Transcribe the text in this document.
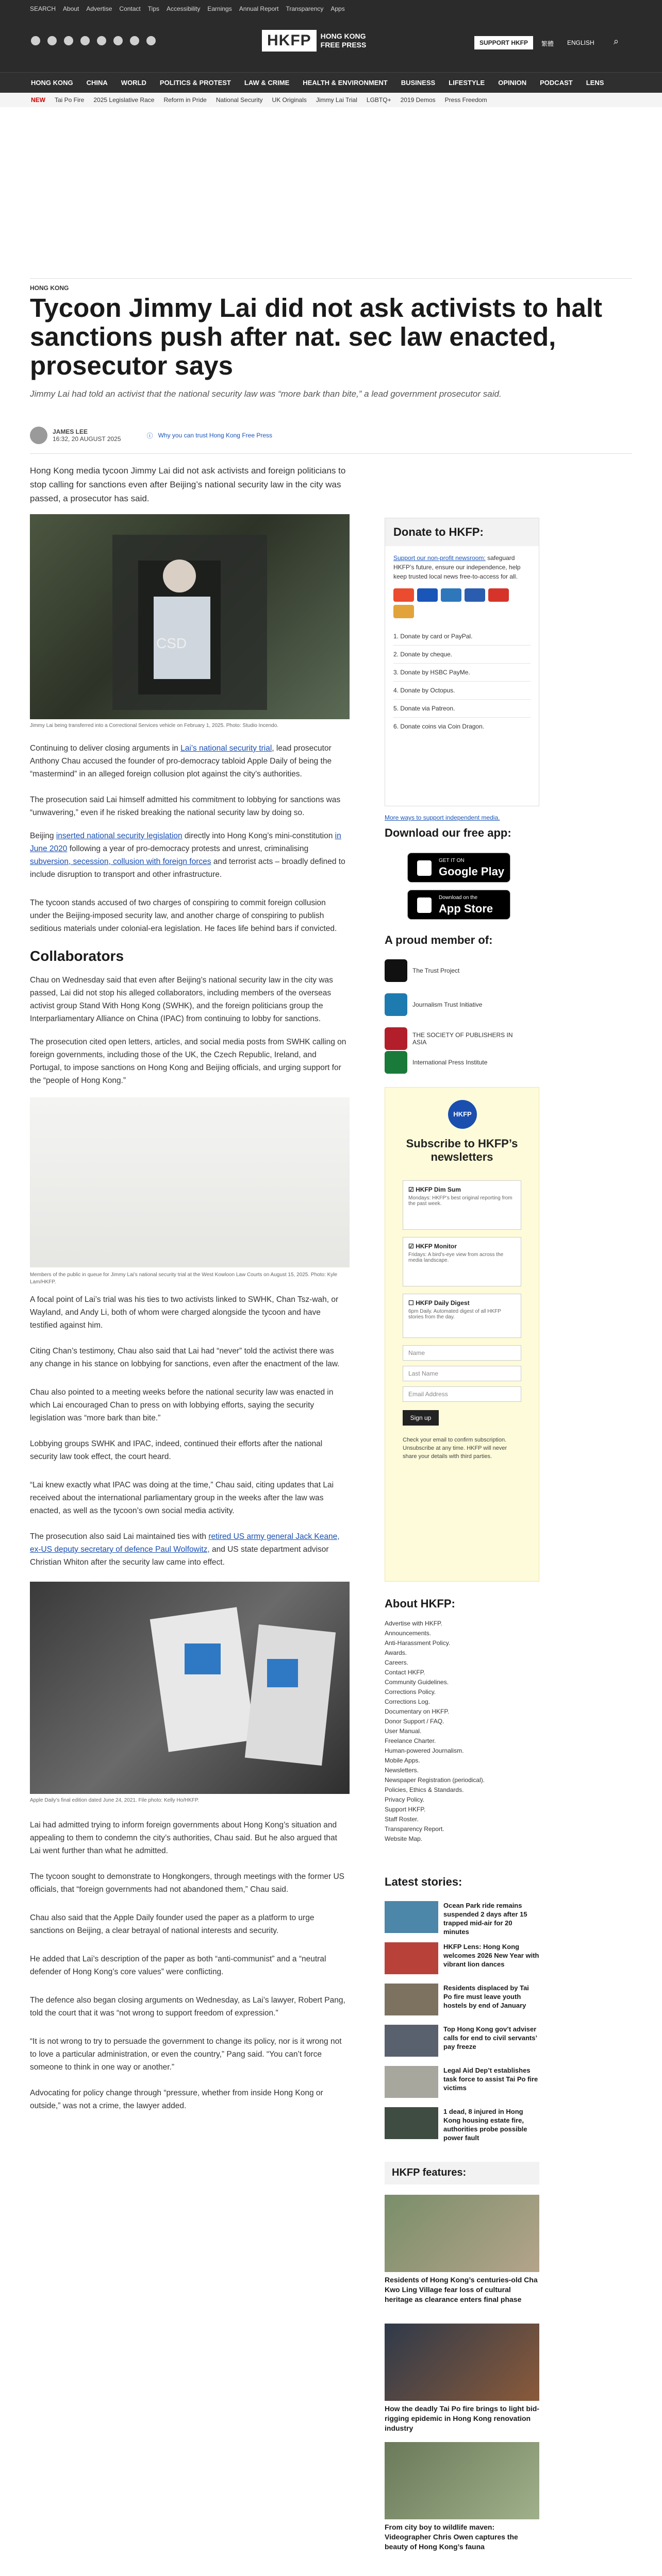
SEARCH About Advertise Contact Tips Accessibility Earnings Annual Report Transparency Apps
HKFP	HONG KONG FREE PRESS	SUPPORT HKFP	繁體 ENGLISH ⌕
HONG KONG CHINA WORLD POLITICS & PROTEST LAW & CRIME HEALTH & ENVIRONMENT BUSINESS LIFESTYLE OPINION PODCAST LENS
NEW Tai Po Fire 2025 Legislative Race Reform in Pride National Security UK Originals Jimmy Lai Trial LGBTQ+ 2019 Demos Press Freedom
HONG KONG
Tycoon Jimmy Lai did not ask activists to halt sanctions push after nat. sec law enacted, prosecutor says

Jimmy Lai had told an activist that the national security law was “more bark than bite,” a lead government prosecutor said.

JAMES LEE
16:32, 20 AUGUST 2025	ⓘ Why you can trust Hong Kong Free Press

Hong Kong media tycoon Jimmy Lai did not ask activists and foreign politicians to stop calling for sanctions even after Beijing’s national security law in the city was passed, a prosecutor has said.

CSD

Jimmy Lai being transferred into a Correctional Services vehicle on February 1, 2025. Photo: Studio Incendo.

Continuing to deliver closing arguments in Lai’s national security trial, lead prosecutor Anthony Chau accused the founder of pro-democracy tabloid Apple Daily of being the “mastermind” in an alleged foreign collusion plot against the city’s authorities.

The prosecution said Lai himself admitted his commitment to lobbying for sanctions was “unwavering,” even if he risked breaking the national security law by doing so.

Beijing inserted national security legislation directly into Hong Kong’s mini-constitution in June 2020 following a year of pro-democracy protests and unrest, criminalising subversion, secession, collusion with foreign forces and terrorist acts – broadly defined to include disruption to transport and other infrastructure.

The tycoon stands accused of two charges of conspiring to commit foreign collusion under the Beijing-imposed security law, and another charge of conspiring to publish seditious materials under colonial-era legislation. He faces life behind bars if convicted.

Collaborators

Chau on Wednesday said that even after Beijing’s national security law in the city was passed, Lai did not stop his alleged collaborators, including members of the overseas activist group Stand With Hong Kong (SWHK), and the foreign politicians group the Interparliamentary Alliance on China (IPAC) from continuing to lobby for sanctions.

The prosecution cited open letters, articles, and social media posts from SWHK calling on foreign governments, including those of the UK, the Czech Republic, Ireland, and Portugal, to impose sanctions on Hong Kong and Beijing officials, and urging support for the “people of Hong Kong.”

Members of the public in queue for Jimmy Lai’s national security trial at the West Kowloon Law Courts on August 15, 2025. Photo: Kyle Lam/HKFP.

A focal point of Lai’s trial was his ties to two activists linked to SWHK, Chan Tsz-wah, or Wayland, and Andy Li, both of whom were charged alongside the tycoon and have testified against him.

Citing Chan’s testimony, Chau also said that Lai had “never” told the activist there was any change in his stance on lobbying for sanctions, even after the enactment of the law.

Chau also pointed to a meeting weeks before the national security law was enacted in which Lai encouraged Chan to press on with lobbying efforts, saying the security legislation was “more bark than bite.”

Lobbying groups SWHK and IPAC, indeed, continued their efforts after the national security law took effect, the court heard.

“Lai knew exactly what IPAC was doing at the time,” Chau said, citing updates that Lai received about the international parliamentary group in the weeks after the law was enacted, as well as the tycoon’s own social media activity.

The prosecution also said Lai maintained ties with retired US army general Jack Keane, ex-US deputy secretary of defence Paul Wolfowitz, and US state department advisor Christian Whiton after the security law came into effect.

Apple Daily’s final edition dated June 24, 2021. File photo: Kelly Ho/HKFP.

Lai had admitted trying to inform foreign governments about Hong Kong’s situation and appealing to them to condemn the city’s authorities, Chau said. But he also argued that Lai went further than what he admitted.

The tycoon sought to demonstrate to Hongkongers, through meetings with the former US officials, that “foreign governments had not abandoned them,” Chau said.

Chau also said that the Apple Daily founder used the paper as a platform to urge sanctions on Beijing, a clear betrayal of national interests and security.

He added that Lai’s description of the paper as both “anti-communist” and a “neutral defender of Hong Kong’s core values” were conflicting.

The defence also began closing arguments on Wednesday, as Lai’s lawyer, Robert Pang, told the court that it was “not wrong to support freedom of expression.”

“It is not wrong to try to persuade the government to change its policy, nor is it wrong not to love a particular administration, or even the country,” Pang said. “You can’t force someone to think in one way or another.”

Advocating for policy change through “pressure, whether from inside Hong Kong or outside,” was not a crime, the lawyer added.

Donate to HKFP:

Support our non-profit newsroom: safeguard HKFP’s future, ensure our independence, help keep trusted local news free-to-access for all.

1. Donate by card or PayPal.
2. Donate by cheque.
3. Donate by HSBC PayMe.
4. Donate by Octopus.
5. Donate via Patreon.
6. Donate coins via Coin Dragon.
More ways to support independent media.
Download our free app:
GET IT ON
Google Play
Download on the
App Store
A proud member of:
The Trust Project
Journalism Trust Initiative
THE SOCIETY OF PUBLISHERS IN ASIA
International Press Institute
HKFP
Subscribe to HKFP’s newsletters
☑ HKFP Dim Sum
Mondays: HKFP’s best original reporting from the past week.
☑ HKFP Monitor
Fridays: A bird's-eye view from across the media landscape.
☐ HKFP Daily Digest
6pm Daily. Automated digest of all HKFP stories from the day.
Name
Last Name
Email Address
Sign up

Check your email to confirm subscription. Unsubscribe at any time. HKFP will never share your details with third parties.

About HKFP:
Advertise with HKFP.
Announcements.
Anti-Harassment Policy.
Awards.
Careers.
Contact HKFP.
Community Guidelines.
Corrections Policy.
Corrections Log.
Documentary on HKFP.
Donor Support / FAQ.
User Manual.
Freelance Charter.
Human-powered Journalism.
Mobile Apps.
Newsletters.
Newspaper Registration (periodical).
Policies, Ethics & Standards.
Privacy Policy.
Support HKFP.
Staff Roster.
Transparency Report.
Website Map.
Latest stories:
Ocean Park ride remains suspended 2 days after 15 trapped mid-air for 20 minutes
HKFP Lens: Hong Kong welcomes 2026 New Year with vibrant lion dances
Residents displaced by Tai Po fire must leave youth hostels by end of January
Top Hong Kong gov’t adviser calls for end to civil servants’ pay freeze
Legal Aid Dep’t establishes task force to assist Tai Po fire victims
1 dead, 8 injured in Hong Kong housing estate fire, authorities probe possible power fault
HKFP features:
Residents of Hong Kong’s centuries-old Cha Kwo Ling Village fear loss of cultural heritage as clearance enters final phase
How the deadly Tai Po fire brings to light bid-rigging epidemic in Hong Kong renovation industry
From city boy to wildlife maven: Videographer Chris Owen captures the beauty of Hong Kong’s fauna
